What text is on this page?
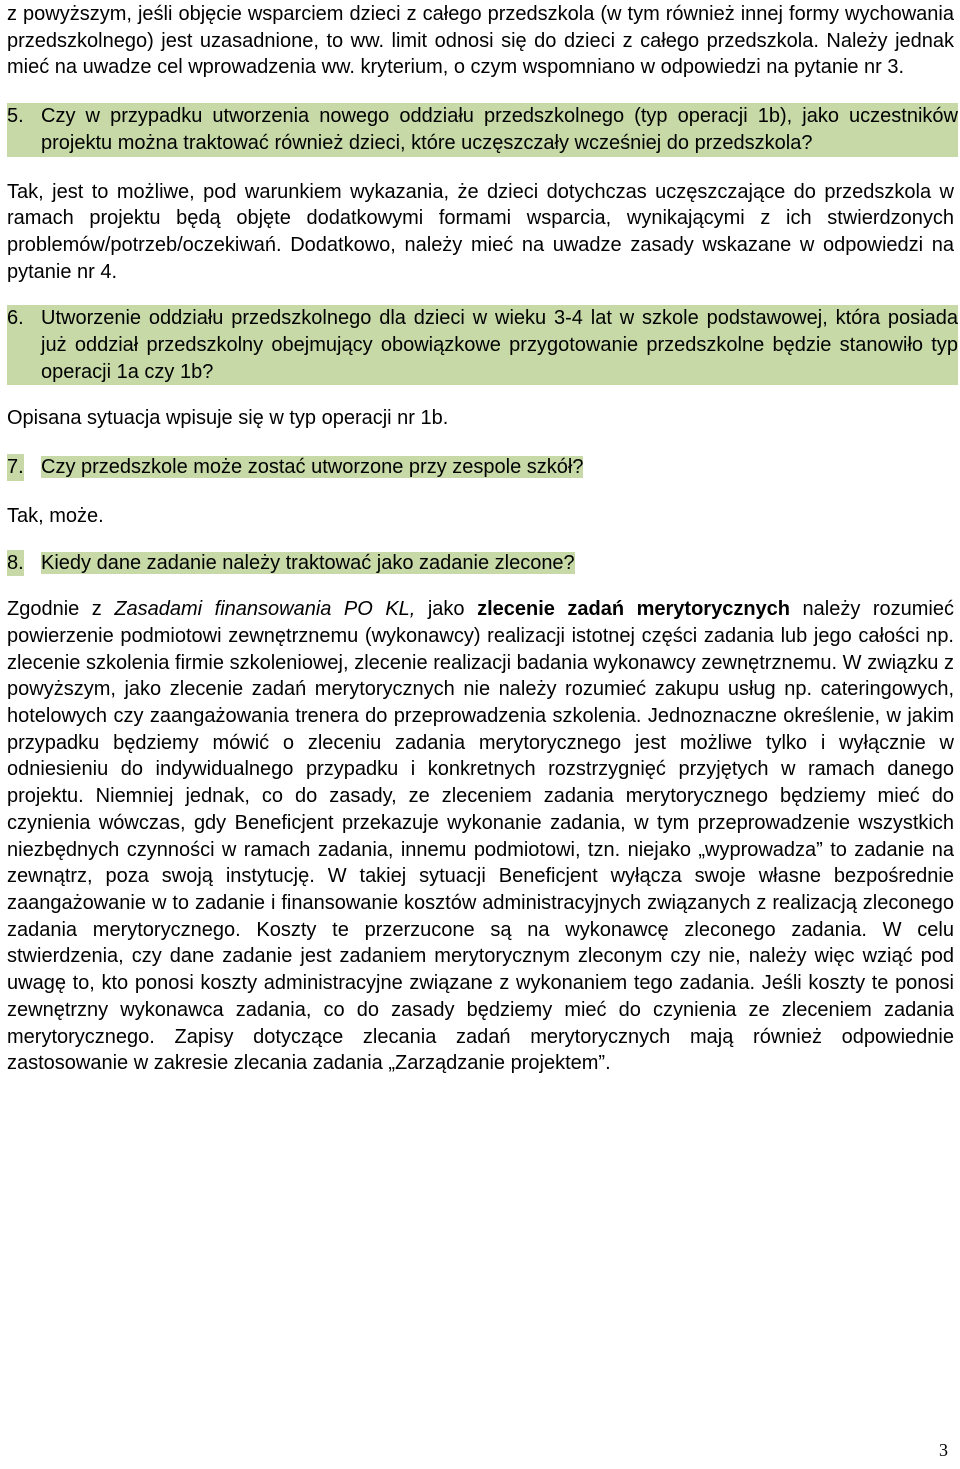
z powyższym, jeśli objęcie wsparciem dzieci z całego przedszkola (w tym również innej formy wychowania przedszkolnego) jest uzasadnione, to ww. limit odnosi się do dzieci z całego przedszkola. Należy jednak mieć na uwadze cel wprowadzenia ww. kryterium, o czym wspomniano w odpowiedzi na pytanie nr 3.

5. Czy w przypadku utworzenia nowego oddziału przedszkolnego (typ operacji 1b), jako uczestników projektu można traktować również dzieci, które uczęszczały wcześniej do przedszkola?

Tak, jest to możliwe, pod warunkiem wykazania, że dzieci dotychczas uczęszczające do przedszkola w ramach projektu będą objęte dodatkowymi formami wsparcia, wynikającymi z ich stwierdzonych problemów/potrzeb/oczekiwań. Dodatkowo, należy mieć na uwadze zasady wskazane w odpowiedzi na pytanie nr 4.

6. Utworzenie oddziału przedszkolnego dla dzieci w wieku 3-4 lat w szkole podstawowej, która posiada już oddział przedszkolny obejmujący obowiązkowe przygotowanie przedszkolne będzie stanowiło typ operacji 1a czy 1b?

Opisana sytuacja wpisuje się w typ operacji nr 1b.

7. Czy przedszkole może zostać utworzone przy zespole szkół?

Tak, może.

8. Kiedy dane zadanie należy traktować jako zadanie zlecone?

Zgodnie z Zasadami finansowania PO KL, jako zlecenie zadań merytorycznych należy rozumieć powierzenie podmiotowi zewnętrznemu (wykonawcy) realizacji istotnej części zadania lub jego całości np. zlecenie szkolenia firmie szkoleniowej, zlecenie realizacji badania wykonawcy zewnętrznemu. W związku z powyższym, jako zlecenie zadań merytorycznych nie należy rozumieć zakupu usług np. cateringowych, hotelowych czy zaangażowania trenera do przeprowadzenia szkolenia. Jednoznaczne określenie, w jakim przypadku będziemy mówić o zleceniu zadania merytorycznego jest możliwe tylko i wyłącznie w odniesieniu do indywidualnego przypadku i konkretnych rozstrzygnięć przyjętych w ramach danego projektu. Niemniej jednak, co do zasady, ze zleceniem zadania merytorycznego będziemy mieć do czynienia wówczas, gdy Beneficjent przekazuje wykonanie zadania, w tym przeprowadzenie wszystkich niezbędnych czynności w ramach zadania, innemu podmiotowi, tzn. niejako „wyprowadza” to zadanie na zewnątrz, poza swoją instytucję. W takiej sytuacji Beneficjent wyłącza swoje własne bezpośrednie zaangażowanie w to zadanie i finansowanie kosztów administracyjnych związanych z realizacją zleconego zadania merytorycznego. Koszty te przerzucone są na wykonawcę zleconego zadania. W celu stwierdzenia, czy dane zadanie jest zadaniem merytorycznym zleconym czy nie, należy więc wziąć pod uwagę to, kto ponosi koszty administracyjne związane z wykonaniem tego zadania. Jeśli koszty te ponosi zewnętrzny wykonawca zadania, co do zasady będziemy mieć do czynienia ze zleceniem zadania merytorycznego. Zapisy dotyczące zlecania zadań merytorycznych mają również odpowiednie zastosowanie w zakresie zlecania zadania „Zarządzanie projektem”.

3
